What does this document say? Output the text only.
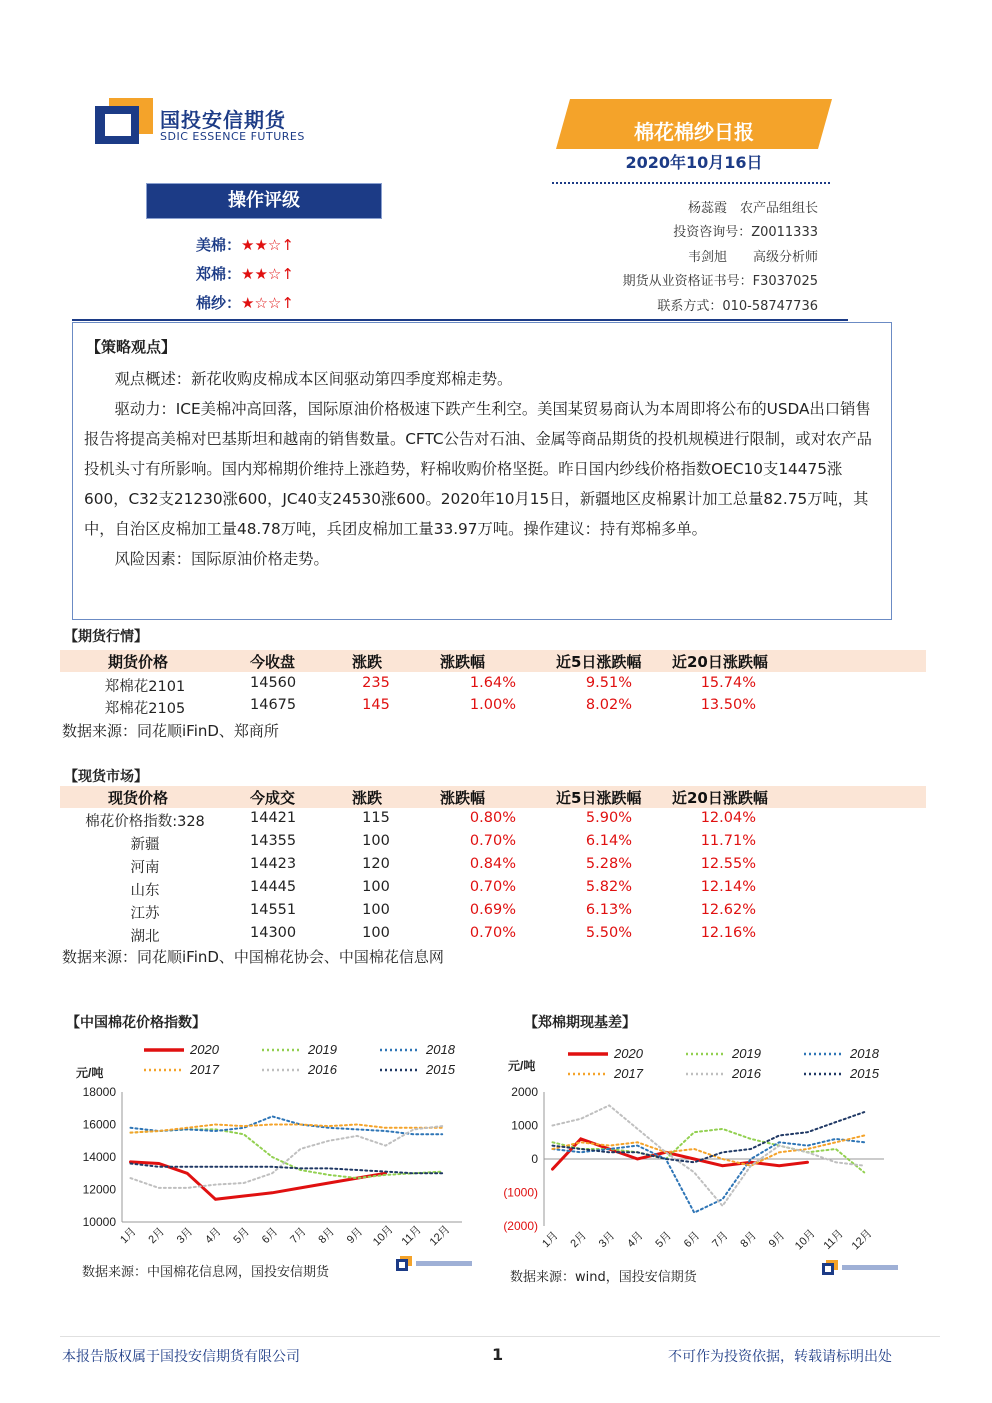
国投安信期货
SDIC ESSENCE FUTURES	棉花棉纱日报
2020年10月16日
操作评级
美棉：★★☆↑
郑棉：★★☆↑
棉纱：★☆☆↑
杨蕊霞　农产品组组长
投资咨询号：Z0011333
韦剑旭　　高级分析师
期货从业资格证书号：F3037025
联系方式：010-58747736
【策略观点】

观点概述：新花收购皮棉成本区间驱动第四季度郑棉走势。

驱动力：ICE美棉冲高回落，国际原油价格极速下跌产生利空。美国某贸易商认为本周即将公布的USDA出口销售报告将提高美棉对巴基斯坦和越南的销售数量。CFTC公告对石油、金属等商品期货的投机规模进行限制，或对农产品投机头寸有所影响。国内郑棉期价维持上涨趋势，籽棉收购价格坚挺。昨日国内纱线价格指数OEC10支14475涨600，C32支21230涨600，JC40支24530涨600。2020年10月15日，新疆地区皮棉累计加工总量82.75万吨，其中，自治区皮棉加工量48.78万吨，兵团皮棉加工量33.97万吨。操作建议：持有郑棉多单。

风险因素：国际原油价格走势。

【期货行情】
期货价格	今收盘	涨跌	涨跌幅	近5日涨跌幅 近20日涨跌幅
郑棉花2101	14560	235	1.64%	9.51%	15.74%
郑棉花2105	14675	145	1.00%	8.02%	13.50%
数据来源：同花顺iFinD、郑商所
【现货市场】
现货价格	今成交	涨跌	涨跌幅	近5日涨跌幅 近20日涨跌幅
棉花价格指数:328	14421	115	0.80%	5.90%	12.04%
新疆	14355	100	0.70%	6.14%	11.71%
河南	14423	120	0.84%	5.28%	12.55%
山东	14445	100	0.70%	5.82%	12.14%
江苏	14551	100	0.69%	6.13%	12.62%
湖北	14300	100	0.70%	5.50%	12.16%
数据来源：同花顺iFinD、中国棉花协会、中国棉花信息网
【中国棉花价格指数】
18000
16000
14000
12000
10000
元/吨
1月 2月 3月 4月 5月 6月 7月 8月 9月 10月 11月 12月
2020	2019	2018
2017	2016	2015
数据来源：中国棉花信息网，国投安信期货
【郑棉期现基差】
2000
1000
0
(1000)
(2000)
元/吨
1月 2月 3月 4月 5月 6月 7月 8月 9月 10月 11月 12月
2020	2019	2018
2017	2016	2015
数据来源：wind，国投安信期货
本报告版权属于国投安信期货有限公司	1	不可作为投资依据，转载请标明出处
